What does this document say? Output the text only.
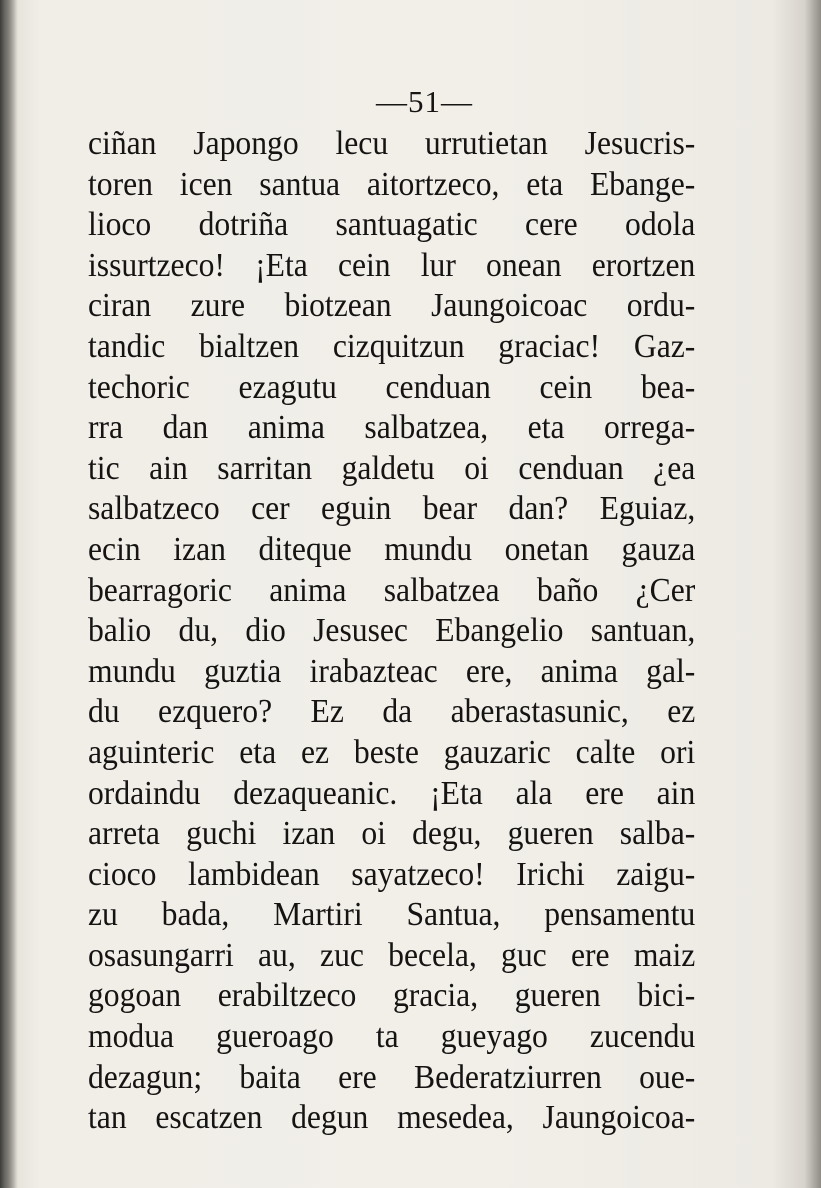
—51—
ciñan Japongo lecu urrutietan Jesucris-
toren icen santua aitortzeco, eta Ebange-
lioco dotriña santuagatic cere odola
issurtzeco! ¡Eta cein lur onean erortzen
ciran zure biotzean Jaungoicoac ordu-
tandic bialtzen cizquitzun graciac! Gaz-
techoric ezagutu cenduan cein bea-
rra dan anima salbatzea, eta orrega-
tic ain sarritan galdetu oi cenduan ¿ea
salbatzeco cer eguin bear dan? Eguiaz,
ecin izan diteque mundu onetan gauza
bearragoric anima salbatzea baño ¿Cer
balio du, dio Jesusec Ebangelio santuan,
mundu guztia irabazteac ere, anima gal-
du ezquero? Ez da aberastasunic, ez
aguinteric eta ez beste gauzaric calte ori
ordaindu dezaqueanic. ¡Eta ala ere ain
arreta guchi izan oi degu, gueren salba-
cioco lambidean sayatzeco! Irichi zaigu-
zu bada, Martiri Santua, pensamentu
osasungarri au, zuc becela, guc ere maiz
gogoan erabiltzeco gracia, gueren bici-
modua gueroago ta gueyago zucendu
dezagun; baita ere Bederatziurren oue-
tan escatzen degun mesedea, Jaungoicoa-
